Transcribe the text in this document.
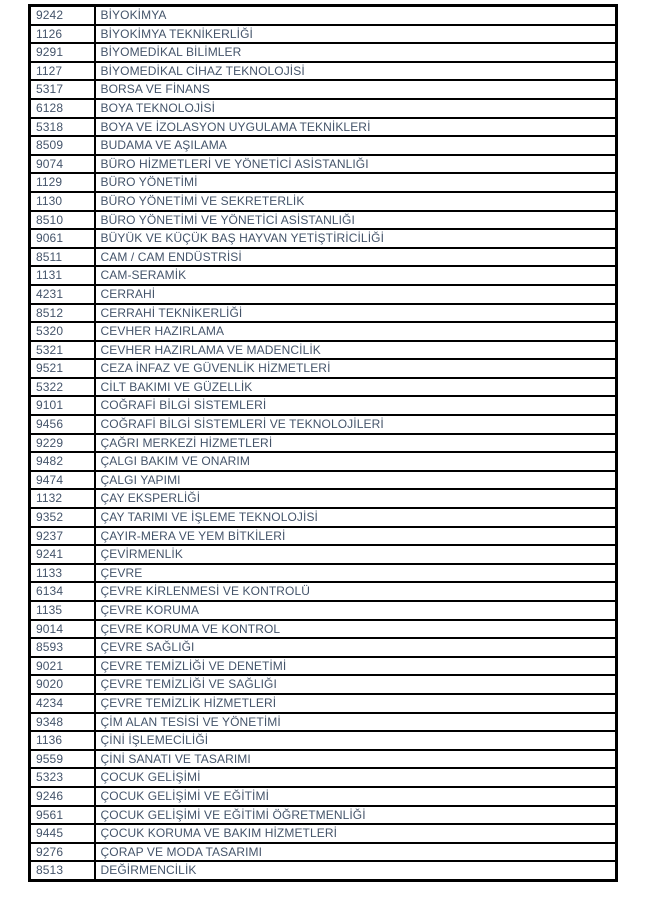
9242	BİYOKİMYA
1126	BİYOKİMYA TEKNİKERLİĞİ
9291	BİYOMEDİKAL BİLİMLER
1127	BİYOMEDİKAL CİHAZ TEKNOLOJİSİ
5317	BORSA VE FİNANS
6128	BOYA TEKNOLOJİSİ
5318	BOYA VE İZOLASYON UYGULAMA TEKNİKLERİ
8509	BUDAMA VE AŞILAMA
9074	BÜRO HİZMETLERİ VE YÖNETİCİ ASİSTANLIĞI
1129	BÜRO YÖNETİMİ
1130	BÜRO YÖNETİMİ VE SEKRETERLİK
8510	BÜRO YÖNETİMİ VE YÖNETİCİ ASİSTANLIĞI
9061	BÜYÜK VE KÜÇÜK BAŞ HAYVAN YETİŞTİRİCİLİĞİ
8511	CAM / CAM ENDÜSTRİSİ
1131	CAM-SERAMİK
4231	CERRAHİ
8512	CERRAHİ TEKNİKERLİĞİ
5320	CEVHER HAZIRLAMA
5321	CEVHER HAZIRLAMA VE MADENCİLİK
9521	CEZA İNFAZ VE GÜVENLİK HİZMETLERİ
5322	CİLT BAKIMI VE GÜZELLİK
9101	COĞRAFİ BİLGİ SİSTEMLERİ
9456	COĞRAFİ BİLGİ SİSTEMLERİ VE TEKNOLOJİLERİ
9229	ÇAĞRI MERKEZİ HİZMETLERİ
9482	ÇALGI BAKIM VE ONARIM
9474	ÇALGI YAPIMI
1132	ÇAY EKSPERLİĞİ
9352	ÇAY TARIMI VE İŞLEME TEKNOLOJİSİ
9237	ÇAYIR-MERA VE YEM BİTKİLERİ
9241	ÇEVİRMENLİK
1133	ÇEVRE
6134	ÇEVRE KİRLENMESİ VE KONTROLÜ
1135	ÇEVRE KORUMA
9014	ÇEVRE KORUMA VE KONTROL
8593	ÇEVRE SAĞLIĞI
9021	ÇEVRE TEMİZLİĞİ VE DENETİMİ
9020	ÇEVRE TEMİZLİĞİ VE SAĞLIĞI
4234	ÇEVRE TEMİZLİK HİZMETLERİ
9348	ÇİM ALAN TESİSİ VE YÖNETİMİ
1136	ÇİNİ İŞLEMECİLİĞİ
9559	ÇİNİ SANATI VE TASARIMI
5323	ÇOCUK GELİŞİMİ
9246	ÇOCUK GELİŞİMİ VE EĞİTİMİ
9561	ÇOCUK GELİŞİMİ VE EĞİTİMİ ÖĞRETMENLİĞİ
9445	ÇOCUK KORUMA VE BAKIM HİZMETLERİ
9276	ÇORAP VE MODA TASARIMI
8513	DEĞİRMENCİLİK
